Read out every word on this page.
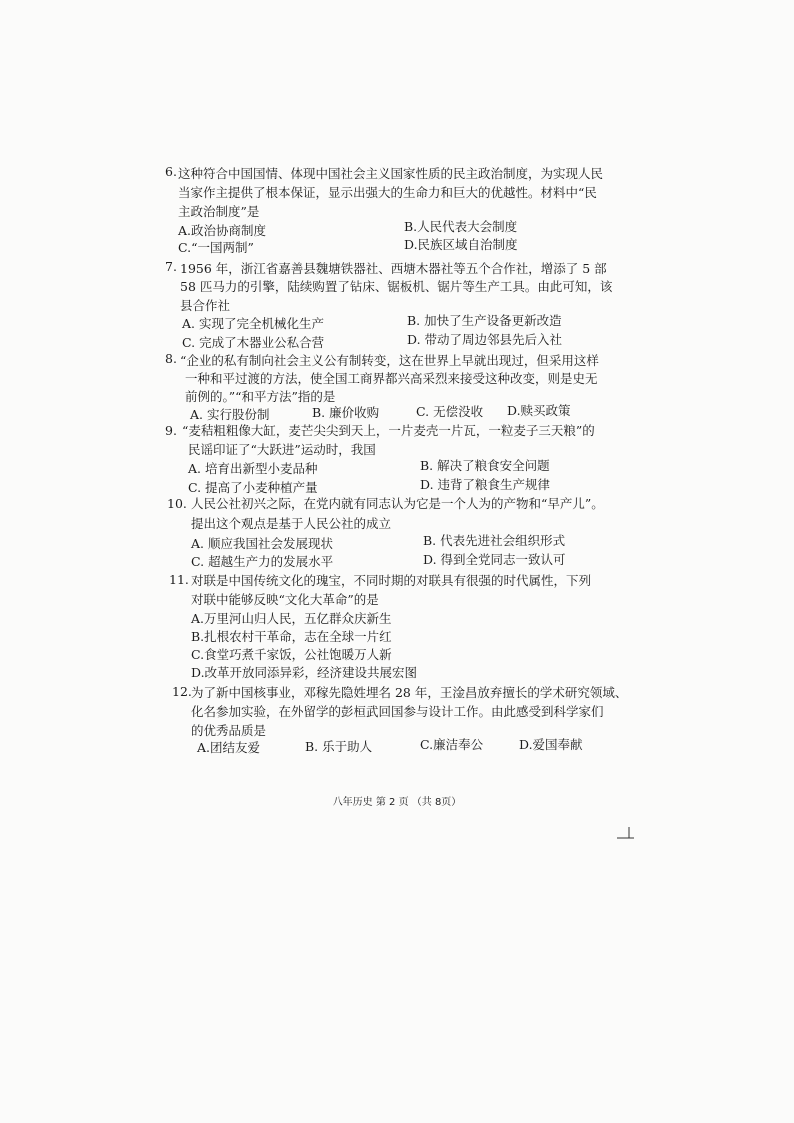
6. 这种符合中国国情、体现中国社会主义国家性质的民主政治制度，为实现人民
当家作主提供了根本保证，显示出强大的生命力和巨大的优越性。材料中“民
主政治制度”是
A.政治协商制度	B.人民代表大会制度
C.“一国两制”	D.民族区域自治制度
7. 1956 年，浙江省嘉善县魏塘铁器社、西塘木器社等五个合作社，增添了 5 部
58 匹马力的引擎，陆续购置了钻床、锯板机、锯片等生产工具。由此可知，该
县合作社
A. 实现了完全机械化生产	B. 加快了生产设备更新改造
C. 完成了木器业公私合营	D. 带动了周边邻县先后入社
8. “企业的私有制向社会主义公有制转变，这在世界上早就出现过，但采用这样
一种和平过渡的方法，使全国工商界都兴高采烈来接受这种改变，则是史无
前例的。”“和平方法”指的是
A. 实行股份制	B. 廉价收购	C. 无偿没收 D.赎买政策
9. “麦秸粗粗像大缸，麦芒尖尖到天上，一片麦壳一片瓦，一粒麦子三天粮”的
民谣印证了“大跃进”运动时，我国
A. 培育出新型小麦品种	B. 解决了粮食安全问题
C. 提高了小麦种植产量	D. 违背了粮食生产规律
10. 人民公社初兴之际，在党内就有同志认为它是一个人为的产物和“早产儿”。
提出这个观点是基于人民公社的成立
A. 顺应我国社会发展现状	B. 代表先进社会组织形式
C. 超越生产力的发展水平	D. 得到全党同志一致认可
11. 对联是中国传统文化的瑰宝，不同时期的对联具有很强的时代属性，下列
对联中能够反映“文化大革命”的是
A.万里河山归人民，五亿群众庆新生
B.扎根农村干革命，志在全球一片红
C.食堂巧煮千家饭，公社饱暖万人新
D.改革开放同添异彩，经济建设共展宏图
12. 为了新中国核事业，邓稼先隐姓埋名 28 年，王淦昌放弃擅长的学术研究领域、
化名参加实验，在外留学的彭桓武回国参与设计工作。由此感受到科学家们
的优秀品质是
A.团结友爱	B. 乐于助人	C.廉洁奉公	D.爱国奉献
八年历史 第 2 页 （共 8页）
